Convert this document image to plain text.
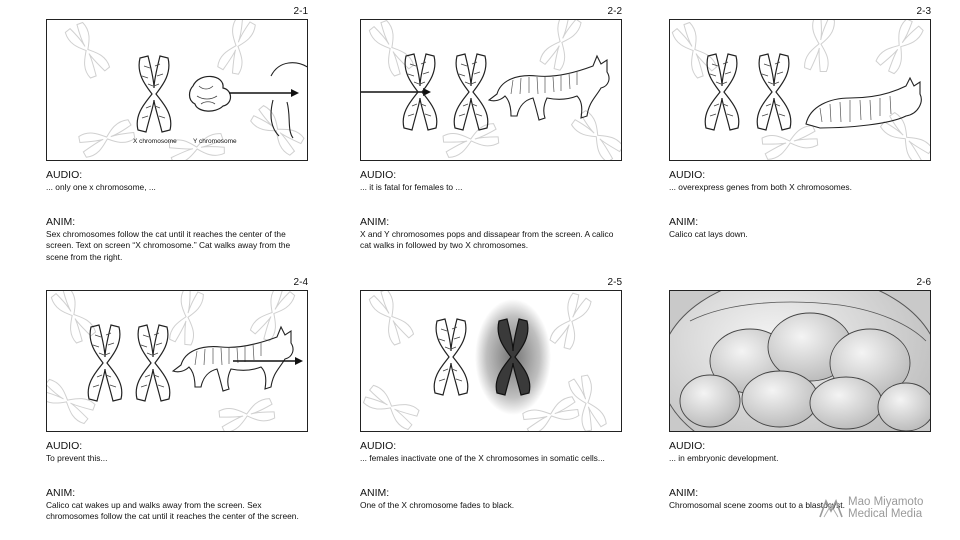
2-1
X chromosome	Y chromosome
AUDIO:
... only one x chromosome, ...
ANIM:
Sex chromosomes follow the cat until it reaches the center of the screen. Text on screen “X chromosome.” Cat walks away from the scene from the right.
2-2
AUDIO:
... it is fatal for females to ...
ANIM:
X and Y chromosomes pops and dissapear from the screen. A calico cat walks in followed by two X chromosomes.
2-3
AUDIO:
... overexpress genes from both X chromosomes.
ANIM:
Calico cat lays down.
2-4
AUDIO:
To prevent this...
ANIM:
Calico cat wakes up and walks away from the screen. Sex chromosomes follow the cat until it reaches the center of the screen.
2-5
AUDIO:
... females inactivate one of the X chromosomes in somatic cells...
ANIM:
One of the X chromosome fades to black.
2-6
AUDIO:
... in embryonic development.
ANIM:
Chromosomal scene zooms out to a blastocyst. Mao Miyamoto
Medical Media
